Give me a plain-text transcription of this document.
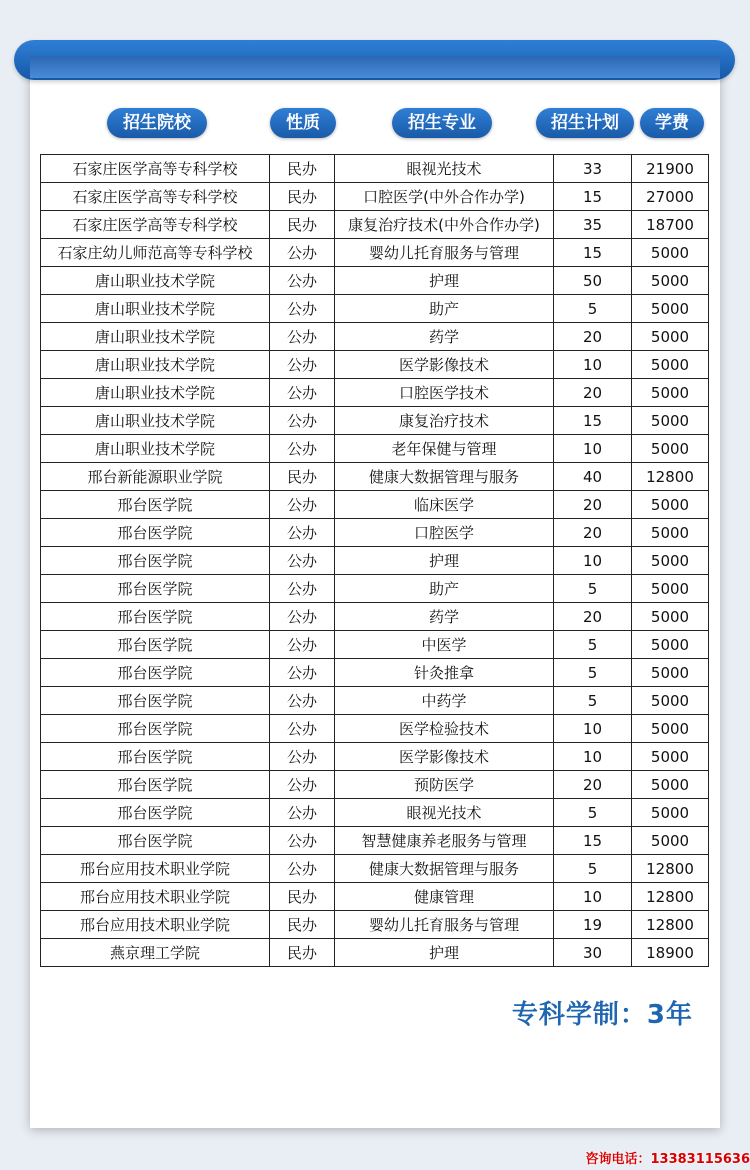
招生院校	性质	招生专业	招生计划	学费
石家庄医学高等专科学校	民办	眼视光技术	33	21900
石家庄医学高等专科学校	民办	口腔医学(中外合作办学)	15	27000
石家庄医学高等专科学校	民办	康复治疗技术(中外合作办学)	35	18700
石家庄幼儿师范高等专科学校	公办	婴幼儿托育服务与管理	15	5000
唐山职业技术学院	公办	护理	50	5000
唐山职业技术学院	公办	助产	5	5000
唐山职业技术学院	公办	药学	20	5000
唐山职业技术学院	公办	医学影像技术	10	5000
唐山职业技术学院	公办	口腔医学技术	20	5000
唐山职业技术学院	公办	康复治疗技术	15	5000
唐山职业技术学院	公办	老年保健与管理	10	5000
邢台新能源职业学院	民办	健康大数据管理与服务	40	12800
邢台医学院	公办	临床医学	20	5000
邢台医学院	公办	口腔医学	20	5000
邢台医学院	公办	护理	10	5000
邢台医学院	公办	助产	5	5000
邢台医学院	公办	药学	20	5000
邢台医学院	公办	中医学	5	5000
邢台医学院	公办	针灸推拿	5	5000
邢台医学院	公办	中药学	5	5000
邢台医学院	公办	医学检验技术	10	5000
邢台医学院	公办	医学影像技术	10	5000
邢台医学院	公办	预防医学	20	5000
邢台医学院	公办	眼视光技术	5	5000
邢台医学院	公办	智慧健康养老服务与管理	15	5000
邢台应用技术职业学院	公办	健康大数据管理与服务	5	12800
邢台应用技术职业学院	民办	健康管理	10	12800
邢台应用技术职业学院	民办	婴幼儿托育服务与管理	19	12800
燕京理工学院	民办	护理	30	18900
专科学制：3年
咨询电话：13383115636
